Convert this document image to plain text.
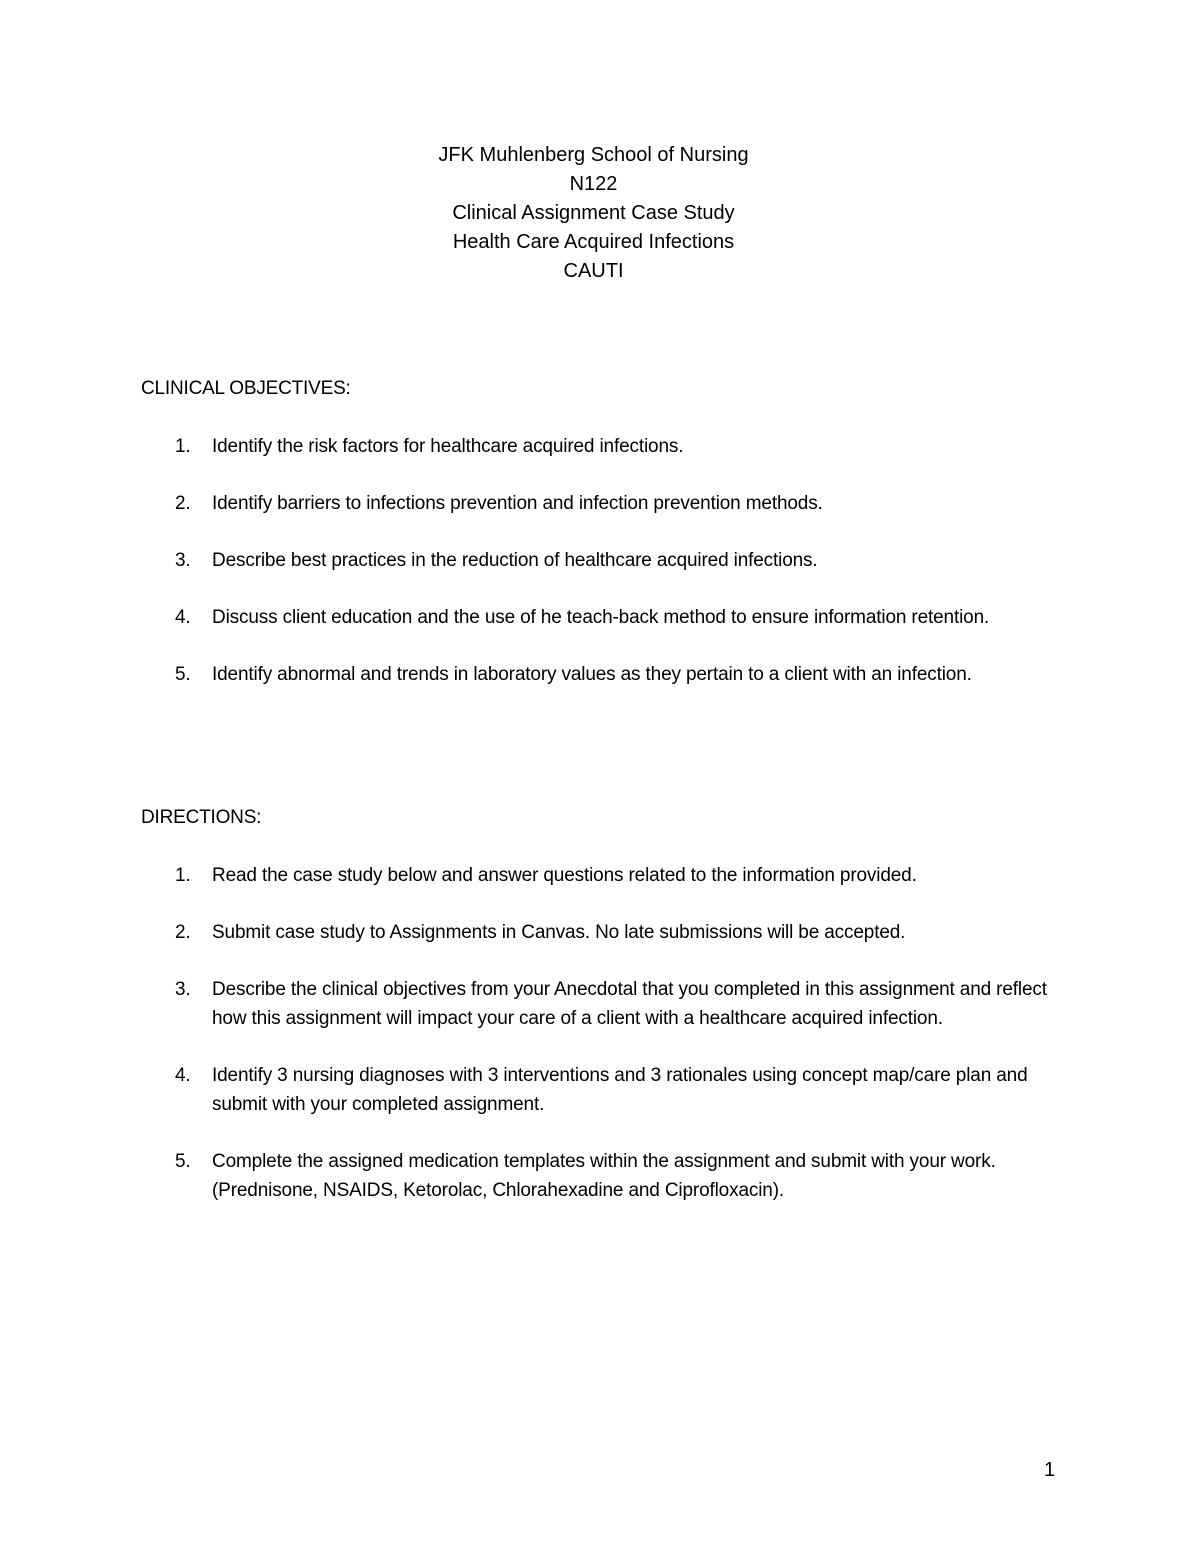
JFK Muhlenberg School of Nursing
N122
Clinical Assignment Case Study
Health Care Acquired Infections
CAUTI
CLINICAL OBJECTIVES:
1. Identify the risk factors for healthcare acquired infections.
2. Identify barriers to infections prevention and infection prevention methods.
3. Describe best practices in the reduction of healthcare acquired infections.
4. Discuss client education and the use of he teach-back method to ensure information retention.
5. Identify abnormal and trends in laboratory values as they pertain to a client with an infection.
DIRECTIONS:
1. Read the case study below and answer questions related to the information provided.
2. Submit case study to Assignments in Canvas. No late submissions will be accepted.
3. Describe the clinical objectives from your Anecdotal that you completed in this assignment and reflect how this assignment will impact your care of a client with a healthcare acquired infection.
4. Identify 3 nursing diagnoses with 3 interventions and 3 rationales using concept map/care plan and submit with your completed assignment.
5. Complete the assigned medication templates within the assignment and submit with your work. (Prednisone, NSAIDS, Ketorolac, Chlorahexadine and Ciprofloxacin).
1
